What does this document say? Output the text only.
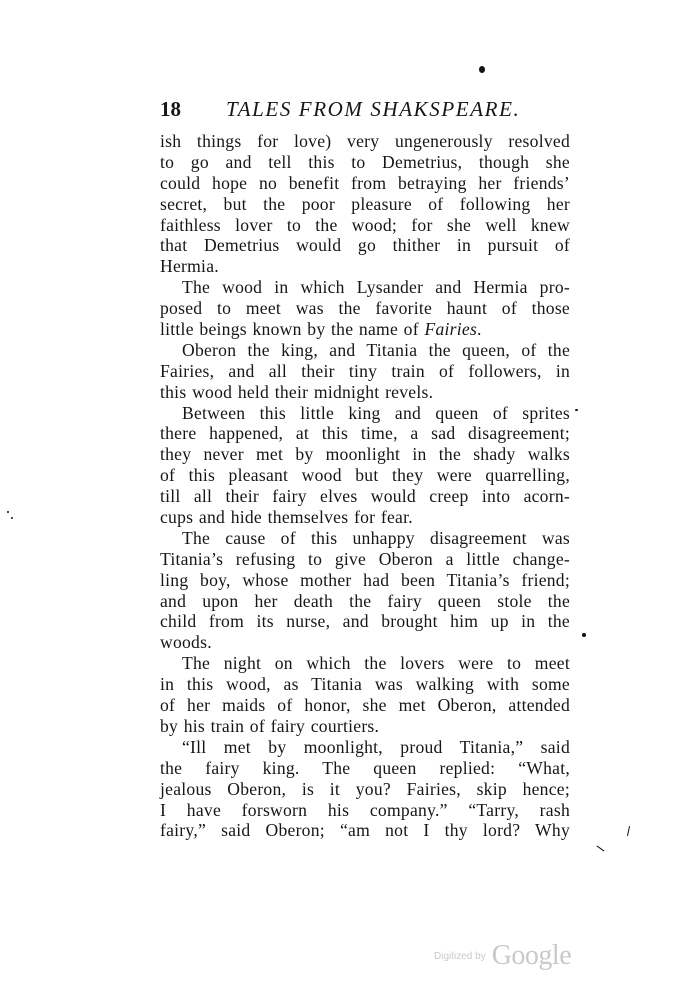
18 TALES FROM SHAKSPEARE.
ish things for love) very ungenerously resolved
to go and tell this to Demetrius, though she
could hope no benefit from betraying her friends’
secret, but the poor pleasure of following her
faithless lover to the wood; for she well knew
that Demetrius would go thither in pursuit of
Hermia.
The wood in which Lysander and Hermia pro-
posed to meet was the favorite haunt of those
little beings known by the name of Fairies.
Oberon the king, and Titania the queen, of the
Fairies, and all their tiny train of followers, in
this wood held their midnight revels.
Between this little king and queen of sprites
there happened, at this time, a sad disagreement;
they never met by moonlight in the shady walks
of this pleasant wood but they were quarrelling,
till all their fairy elves would creep into acorn-
cups and hide themselves for fear.
The cause of this unhappy disagreement was
Titania’s refusing to give Oberon a little change-
ling boy, whose mother had been Titania’s friend;
and upon her death the fairy queen stole the
child from its nurse, and brought him up in the
woods.
The night on which the lovers were to meet
in this wood, as Titania was walking with some
of her maids of honor, she met Oberon, attended
by his train of fairy courtiers.
“Ill met by moonlight, proud Titania,” said
the fairy king. The queen replied: “What,
jealous Oberon, is it you? Fairies, skip hence;
I have forsworn his company.” “Tarry, rash
fairy,” said Oberon; “am not I thy lord? Why
$^{Digitized by}$ Google
